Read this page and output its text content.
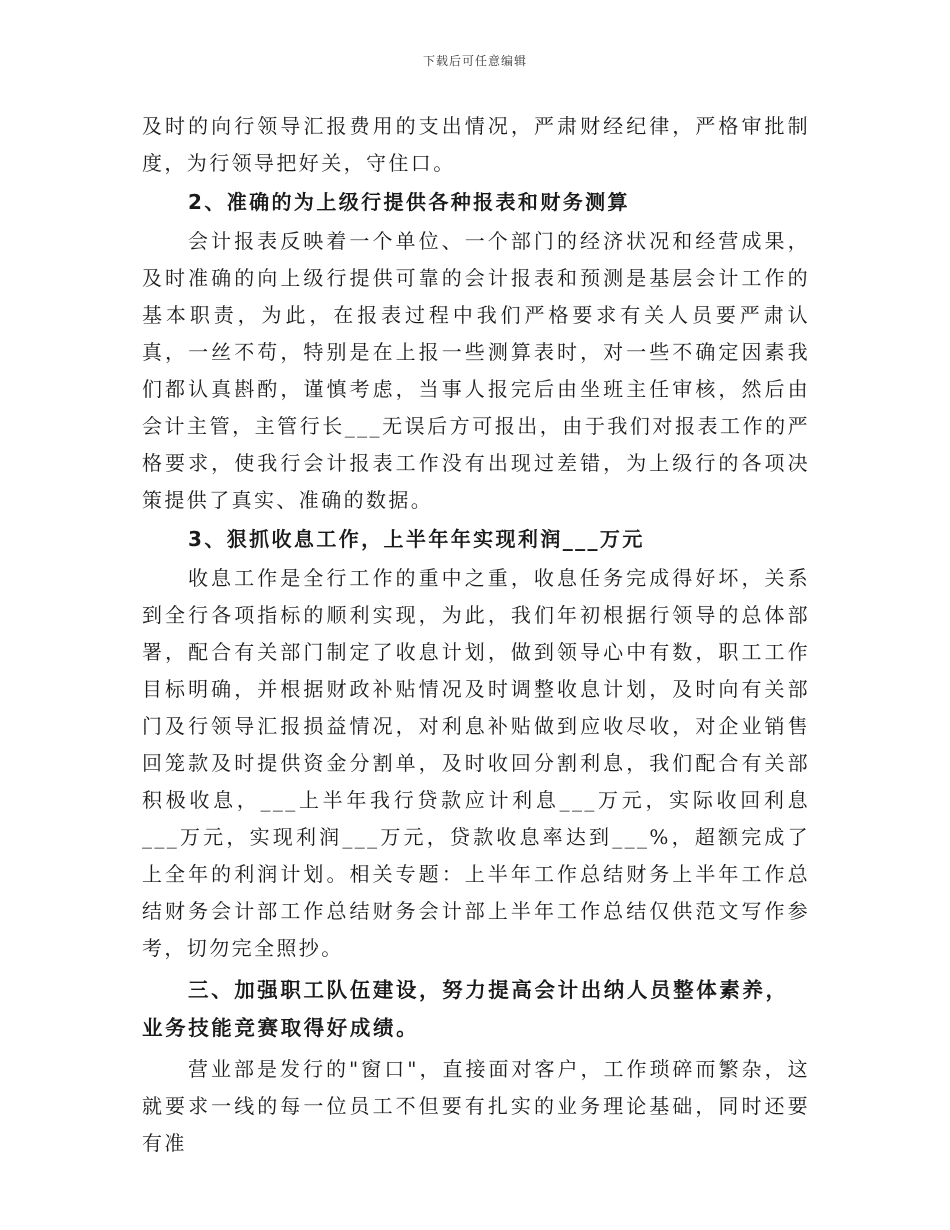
下载后可任意编辑

及时的向行领导汇报费用的支出情况，严肃财经纪律，严格审批制度，为行领导把好关，守住口。

2、准确的为上级行提供各种报表和财务测算

会计报表反映着一个单位、一个部门的经济状况和经营成果，及时准确的向上级行提供可靠的会计报表和预测是基层会计工作的基本职责，为此，在报表过程中我们严格要求有关人员要严肃认真，一丝不苟，特别是在上报一些测算表时，对一些不确定因素我们都认真斟酌，谨慎考虑，当事人报完后由坐班主任审核，然后由会计主管，主管行长___无误后方可报出，由于我们对报表工作的严格要求，使我行会计报表工作没有出现过差错，为上级行的各项决策提供了真实、准确的数据。

3、狠抓收息工作，上半年年实现利润___万元

收息工作是全行工作的重中之重，收息任务完成得好坏，关系到全行各项指标的顺利实现，为此，我们年初根据行领导的总体部署，配合有关部门制定了收息计划，做到领导心中有数，职工工作目标明确，并根据财政补贴情况及时调整收息计划，及时向有关部门及行领导汇报损益情况，对利息补贴做到应收尽收，对企业销售回笼款及时提供资金分割单，及时收回分割利息，我们配合有关部积极收息，___上半年我行贷款应计利息___万元，实际收回利息___万元，实现利润___万元，贷款收息率达到___%，超额完成了上全年的利润计划。相关专题：上半年工作总结财务上半年工作总结财务会计部工作总结财务会计部上半年工作总结仅供范文写作参考，切勿完全照抄。

三、加强职工队伍建设，努力提高会计出纳人员整体素养，业务技能竞赛取得好成绩。

营业部是发行的"窗口"，直接面对客户，工作琐碎而繁杂，这就要求一线的每一位员工不但要有扎实的业务理论基础，同时还要有准
